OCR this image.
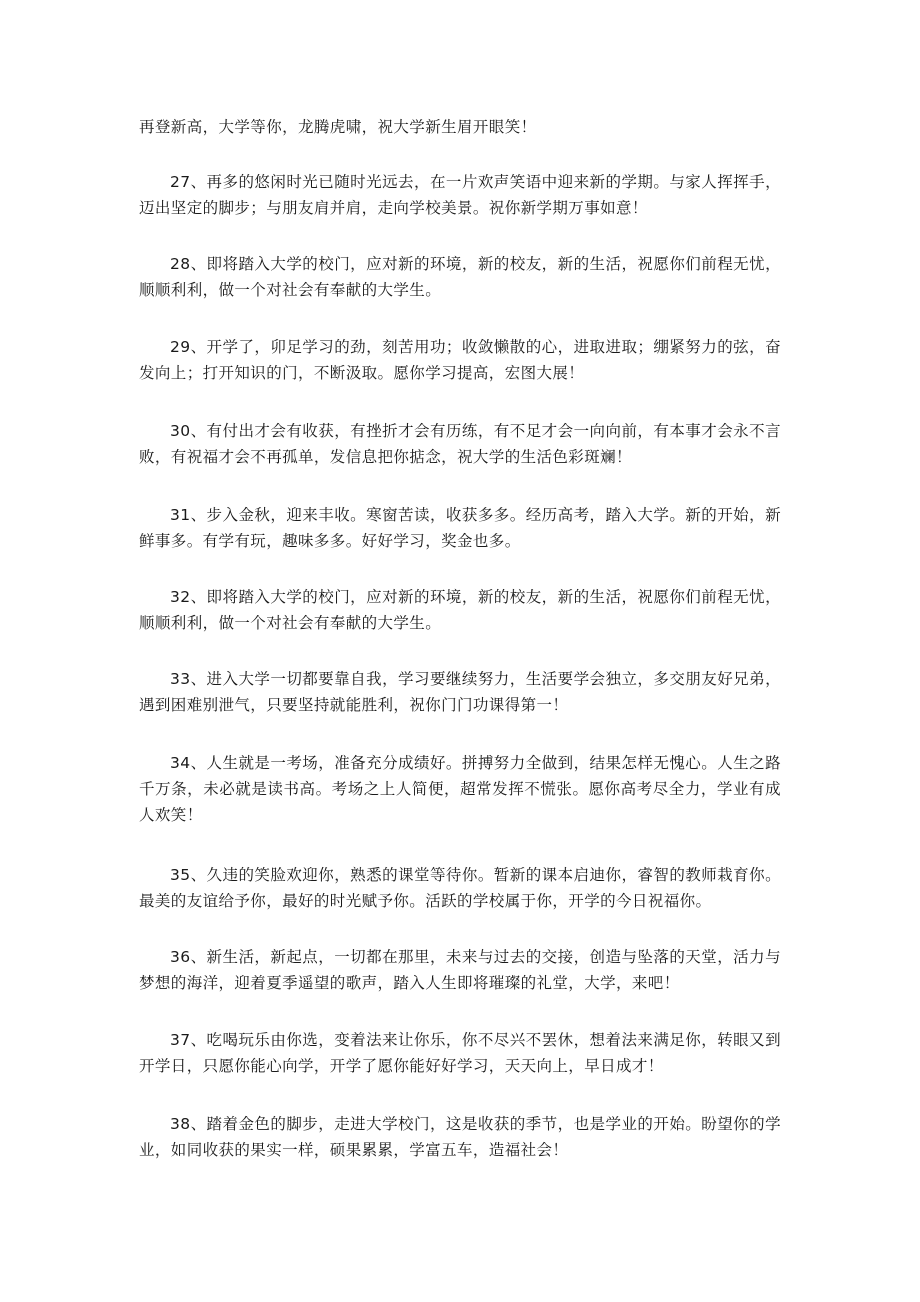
再登新高，大学等你，龙腾虎啸，祝大学新生眉开眼笑！

27、再多的悠闲时光已随时光远去，在一片欢声笑语中迎来新的学期。与家人挥挥手，迈出坚定的脚步；与朋友肩并肩，走向学校美景。祝你新学期万事如意！

28、即将踏入大学的校门，应对新的环境，新的校友，新的生活，祝愿你们前程无忧，顺顺利利，做一个对社会有奉献的大学生。

29、开学了，卯足学习的劲，刻苦用功；收敛懒散的心，进取进取；绷紧努力的弦，奋发向上；打开知识的门，不断汲取。愿你学习提高，宏图大展！

30、有付出才会有收获，有挫折才会有历练，有不足才会一向向前，有本事才会永不言败，有祝福才会不再孤单，发信息把你掂念，祝大学的生活色彩斑斓！

31、步入金秋，迎来丰收。寒窗苦读，收获多多。经历高考，踏入大学。新的开始，新鲜事多。有学有玩，趣味多多。好好学习，奖金也多。

32、即将踏入大学的校门，应对新的环境，新的校友，新的生活，祝愿你们前程无忧，顺顺利利，做一个对社会有奉献的大学生。

33、进入大学一切都要靠自我，学习要继续努力，生活要学会独立，多交朋友好兄弟，遇到困难别泄气，只要坚持就能胜利，祝你门门功课得第一！

34、人生就是一考场，准备充分成绩好。拼搏努力全做到，结果怎样无愧心。人生之路千万条，未必就是读书高。考场之上人简便，超常发挥不慌张。愿你高考尽全力，学业有成人欢笑！

35、久违的笑脸欢迎你，熟悉的课堂等待你。暂新的课本启迪你，睿智的教师栽育你。最美的友谊给予你，最好的时光赋予你。活跃的学校属于你，开学的今日祝福你。

36、新生活，新起点，一切都在那里，未来与过去的交接，创造与坠落的天堂，活力与梦想的海洋，迎着夏季遥望的歌声，踏入人生即将璀璨的礼堂，大学，来吧！

37、吃喝玩乐由你选，变着法来让你乐，你不尽兴不罢休，想着法来满足你，转眼又到开学日，只愿你能心向学，开学了愿你能好好学习，天天向上，早日成才！

38、踏着金色的脚步，走进大学校门，这是收获的季节，也是学业的开始。盼望你的学业，如同收获的果实一样，硕果累累，学富五车，造福社会！
